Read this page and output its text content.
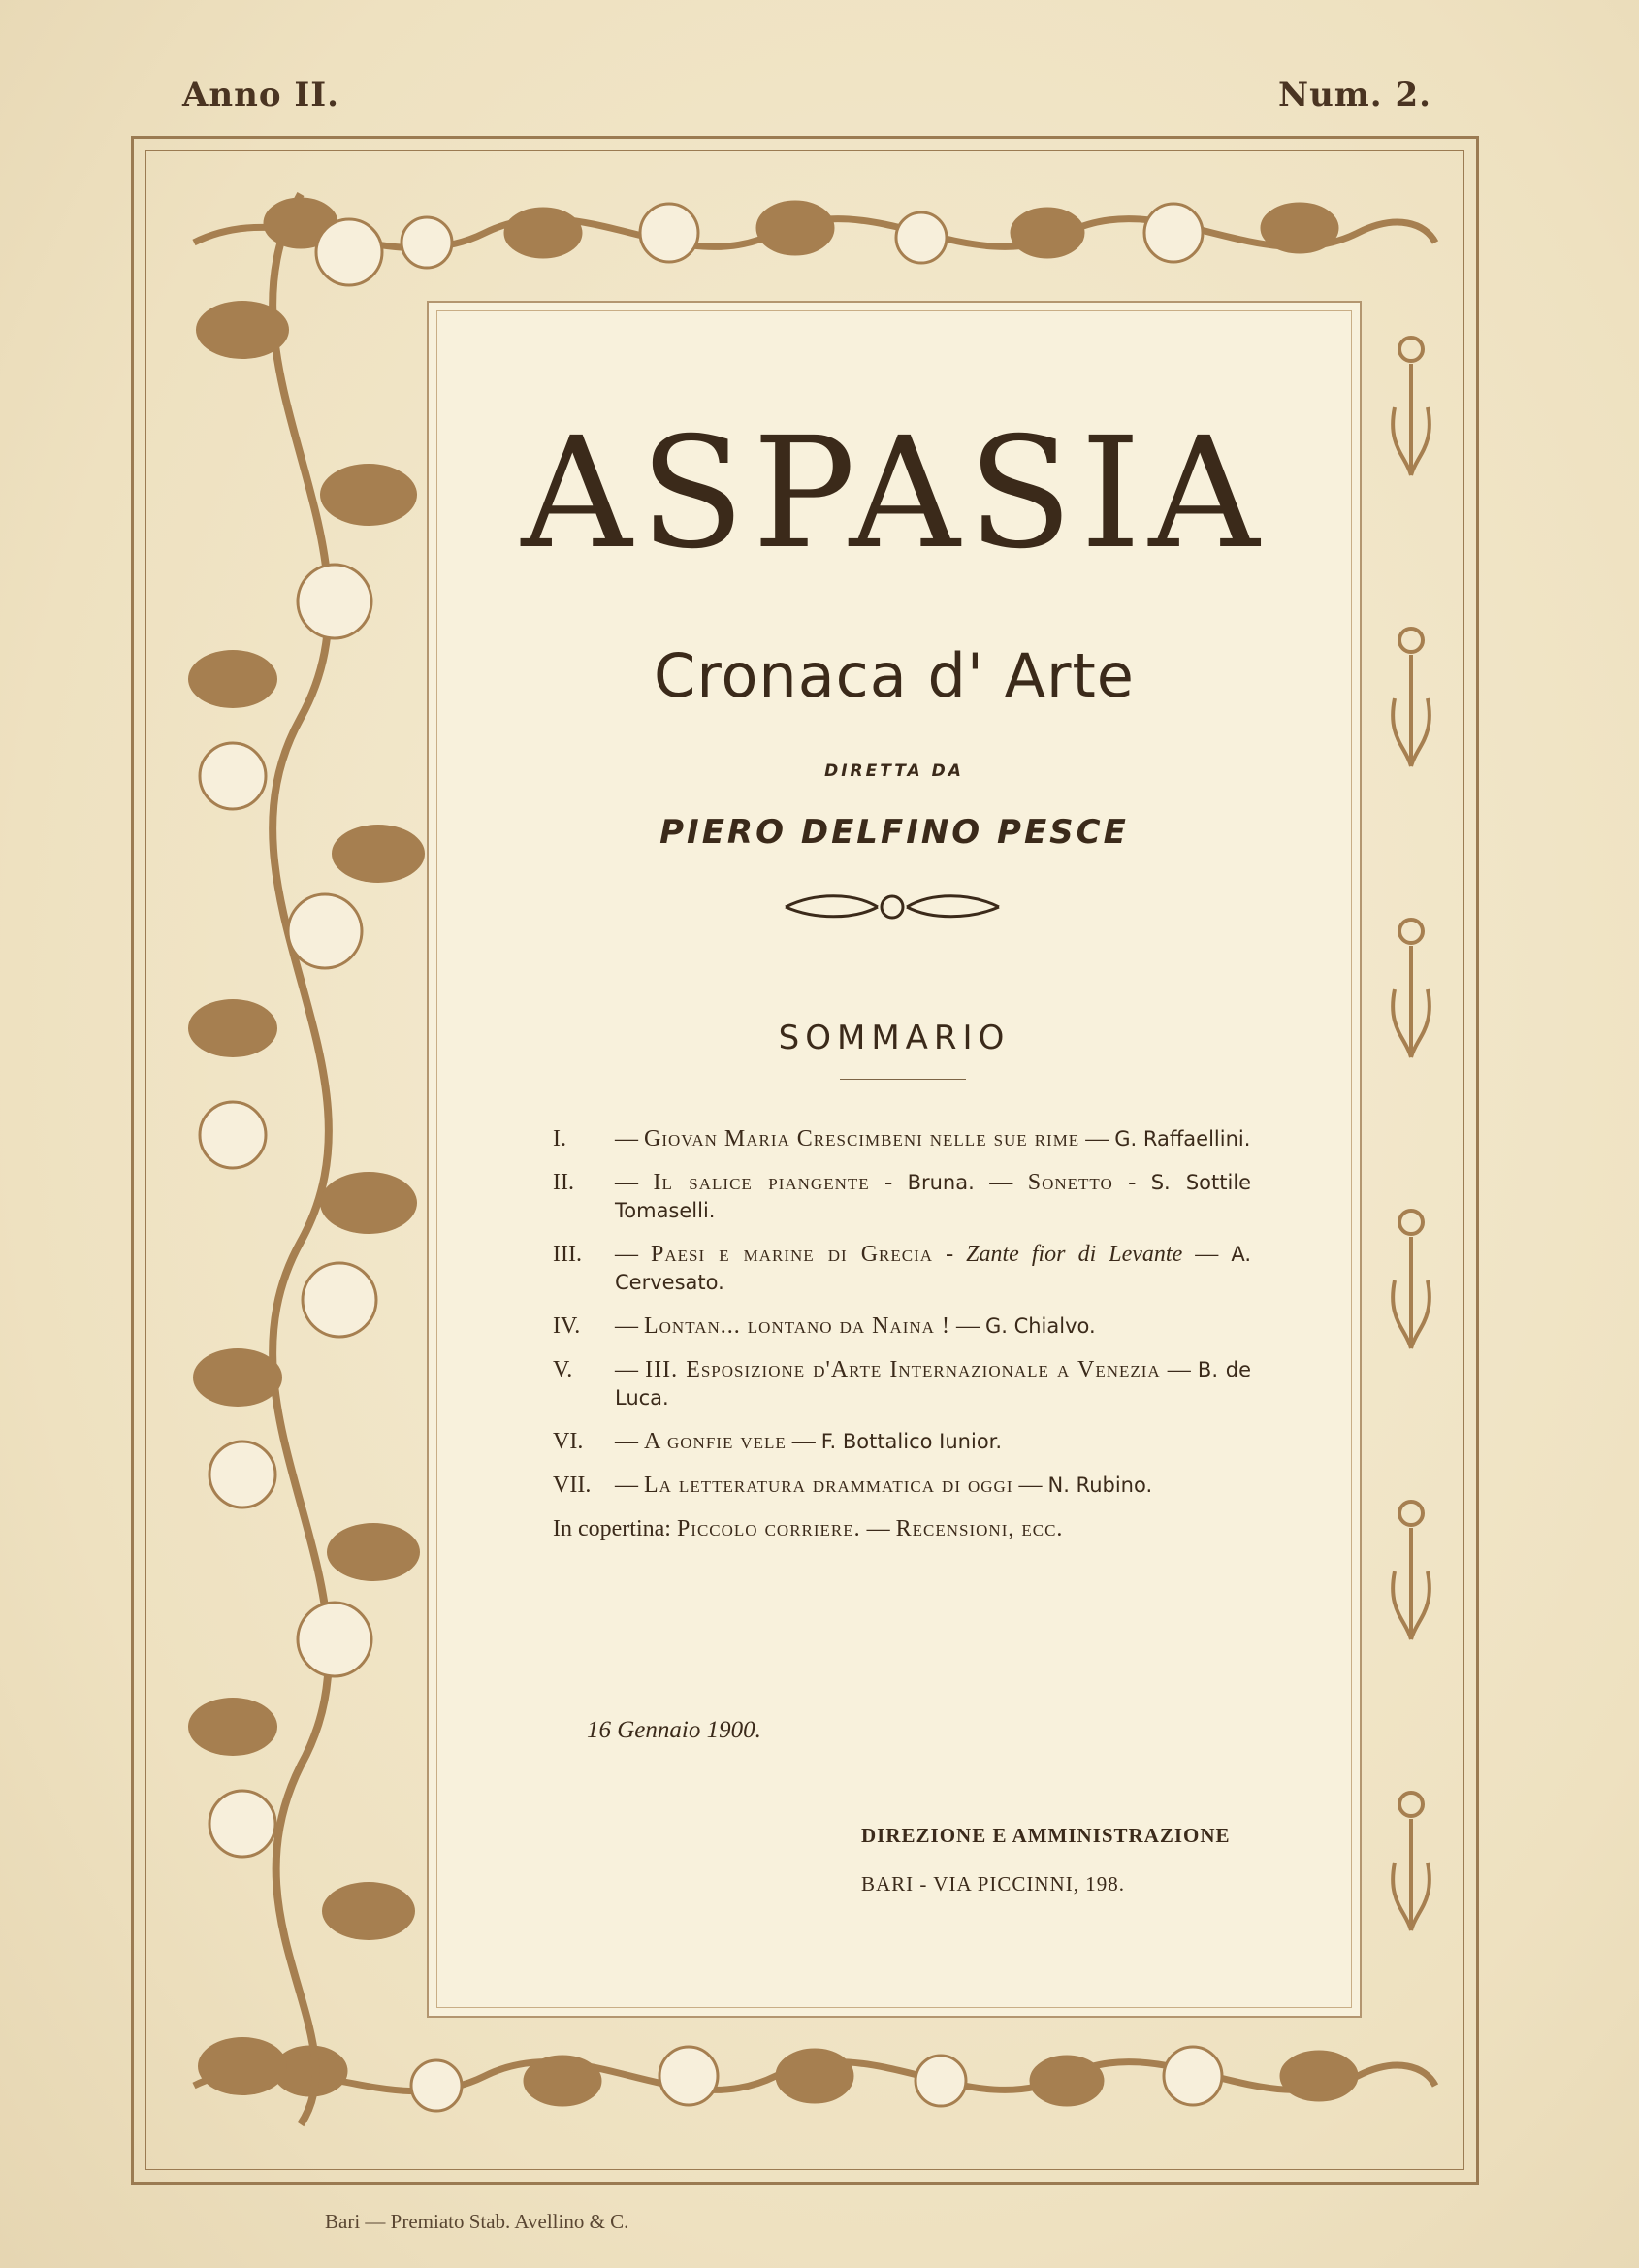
Anno II.	Num. 2.
ASPASIA
Cronaca d' Arte
DIRETTA DA
PIERO DELFINO PESCE
SOMMARIO
I.	— Giovan Maria Crescimbeni nelle sue rime — G. Raffaellini.
II.	— Il salice piangente - Bruna. — Sonetto - S. Sottile Tomaselli.
III.	— Paesi e marine di Grecia - Zante fior di Levante — A. Cervesato.
IV.	— Lontan... lontano da Naina ! — G. Chialvo.
V.	— III. Esposizione d'Arte Internazionale a Venezia — B. de Luca.
VI.	— A gonfie vele — F. Bottalico Iunior.
VII.	— La letteratura drammatica di oggi — N. Rubino.
In copertina: Piccolo corriere. — Recensioni, ecc.
16 Gennaio 1900.
DIREZIONE E AMMINISTRAZIONE
BARI - VIA PICCINNI, 198.
Bari — Premiato Stab. Avellino & C.
